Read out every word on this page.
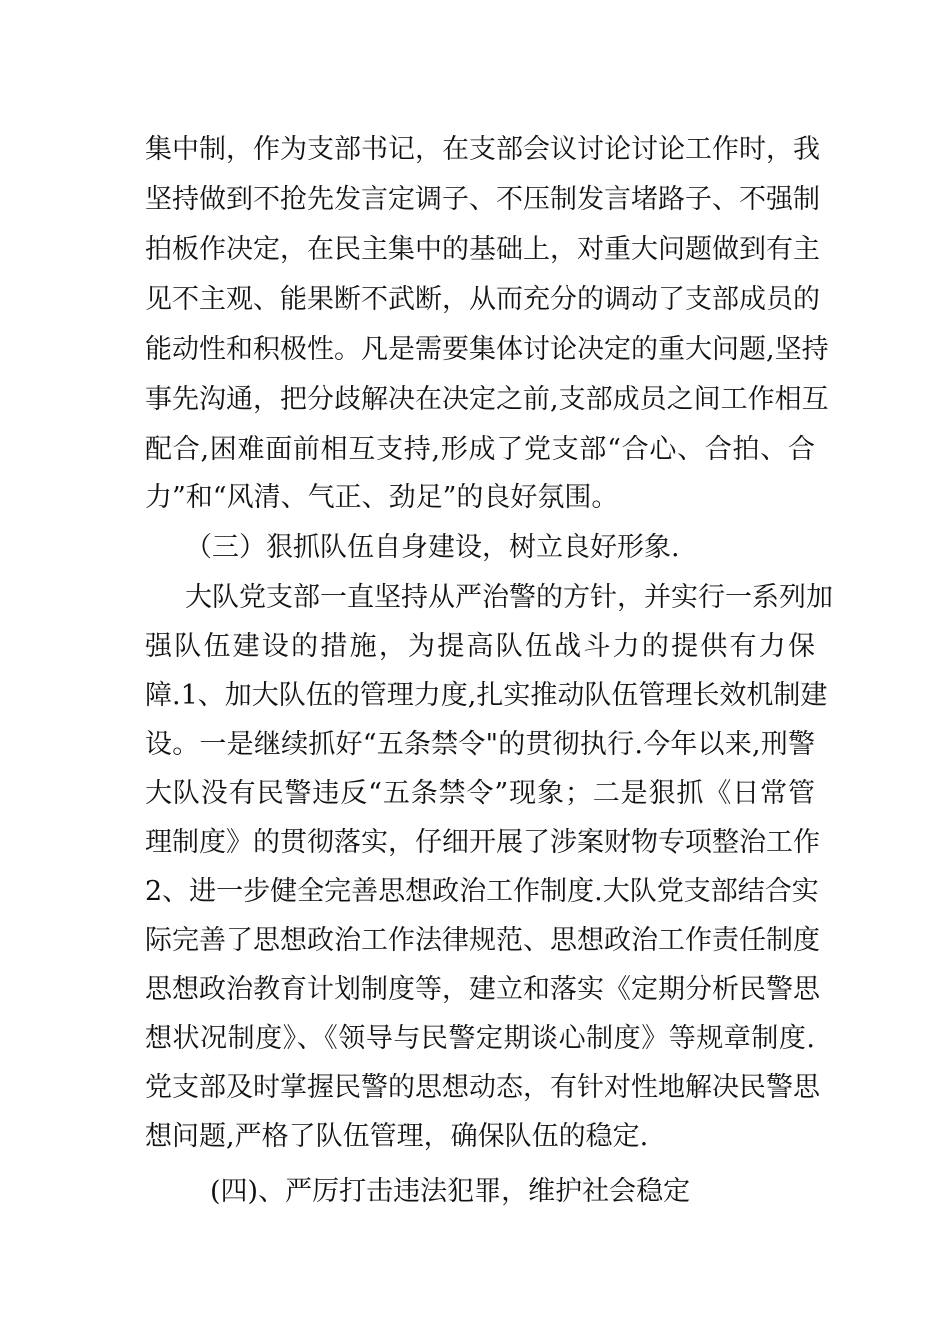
集中制，作为支部书记，在支部会议讨论讨论工作时，我
坚持做到不抢先发言定调子、不压制发言堵路子、不强制
拍板作决定，在民主集中的基础上，对重大问题做到有主
见不主观、能果断不武断，从而充分的调动了支部成员的
能动性和积极性。凡是需要集体讨论决定的重大问题,坚持
事先沟通，把分歧解决在决定之前,支部成员之间工作相互
配合,困难面前相互支持,形成了党支部“合心、合拍、合
力”和“风清、气正、劲足”的良好氛围。
（三）狠抓队伍自身建设，树立良好形象.
大队党支部一直坚持从严治警的方针，并实行一系列加
强队伍建设的措施，为提高队伍战斗力的提供有力保
障.1、加大队伍的管理力度,扎实推动队伍管理长效机制建
设。一是继续抓好“五条禁令"的贯彻执行.今年以来,刑警
大队没有民警违反“五条禁令”现象；二是狠抓《日常管
理制度》的贯彻落实，仔细开展了涉案财物专项整治工作
2、进一步健全完善思想政治工作制度.大队党支部结合实
际完善了思想政治工作法律规范、思想政治工作责任制度
思想政治教育计划制度等，建立和落实《定期分析民警思
想状况制度》、《领导与民警定期谈心制度》等规章制度.
党支部及时掌握民警的思想动态，有针对性地解决民警思
想问题,严格了队伍管理，确保队伍的稳定.
(四)、严厉打击违法犯罪，维护社会稳定
